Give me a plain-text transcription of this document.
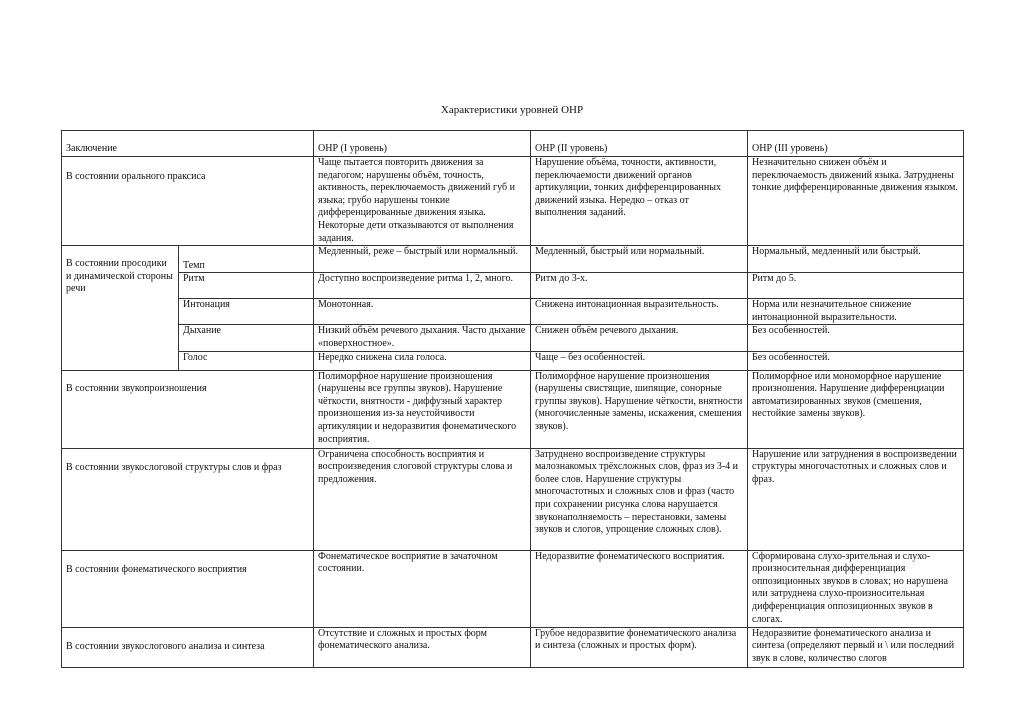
Характеристики уровней ОНР
Заключение		ОНР (I уровень)	ОНР (II уровень)	ОНР (III уровень)

В состоянии орального праксиса		Чаще пытается повторить движения за педагогом; нарушены объём, точность, активность, переключаемость движений губ и языка; грубо нарушены тонкие дифференцированные движения языка. Некоторые дети отказываются от выполнения задания.	Нарушение объёма, точности, активности, переключаемости движений органов артикуляции, тонких дифференцированных движений языка. Нередко – отказ от выполнения заданий.	Незначительно снижен объём и переключаемость движений языка. Затруднены тонкие дифференцированные движения языком.

В состоянии просодики и динамической стороны речи	Темп	Медленный, реже – быстрый или нормальный.	Медленный, быстрый или нормальный.	Нормальный, медленный или быстрый.
	Ритм	Доступно воспроизведение ритма 1, 2, много.	Ритм до 3-х.	Ритм до 5.
	Интонация	Монотонная.	Снижена интонационная выразительность.	Норма или незначительное снижение интонационной выразительности.
	Дыхание	Низкий объём речевого дыхания. Часто дыхание «поверхностное».	Снижен объём речевого дыхания.	Без особенностей.
	Голос	Нередко снижена сила голоса.	Чаще – без особенностей.	Без особенностей.

В состоянии звукопроизношения		Полиморфное нарушение произношения (нарушены все группы звуков). Нарушение чёткости, внятности - диффузный характер произношения из-за неустойчивости артикуляции и недоразвития фонематического восприятия.	Полиморфное нарушение произношения (нарушены свистящие, шипящие, сонорные группы звуков). Нарушение чёткости, внятности (многочисленные замены, искажения, смешения звуков).	Полиморфное или мономорфное нарушение произношения. Нарушение дифференциации автоматизированных звуков (смешения, нестойкие замены звуков).

В состоянии звукослоговой структуры слов и фраз		Ограничена способность восприятия и воспроизведения слоговой структуры слова и предложения.	Затруднено воспроизведение структуры малознакомых трёхсложных слов, фраз из 3-4 и более слов. Нарушение структуры многочастотных и сложных слов и фраз (часто при сохранении рисунка слова нарушается звуконаполняемость – перестановки, замены звуков и слогов, упрощение сложных слов).	Нарушение или затруднения в воспроизведении структуры многочастотных и сложных слов и фраз.

В состоянии фонематического восприятия		Фонематическое восприятие в зачаточном состоянии.	Недоразвитие фонематического восприятия.	Сформирована слухо-зрительная и слухо-произносительная дифференциация оппозиционных звуков в словах; но нарушена или затруднена слухо-произносительная дифференциация оппозиционных звуков в слогах.

В состоянии звукослогового анализа и синтеза		Отсутствие и сложных и простых форм фонематического анализа.	Грубое недоразвитие фонематического анализа и синтеза (сложных и простых форм).	Недоразвитие фонематического анализа и синтеза (определяют первый и \ или последний звук в слове, количество слогов
